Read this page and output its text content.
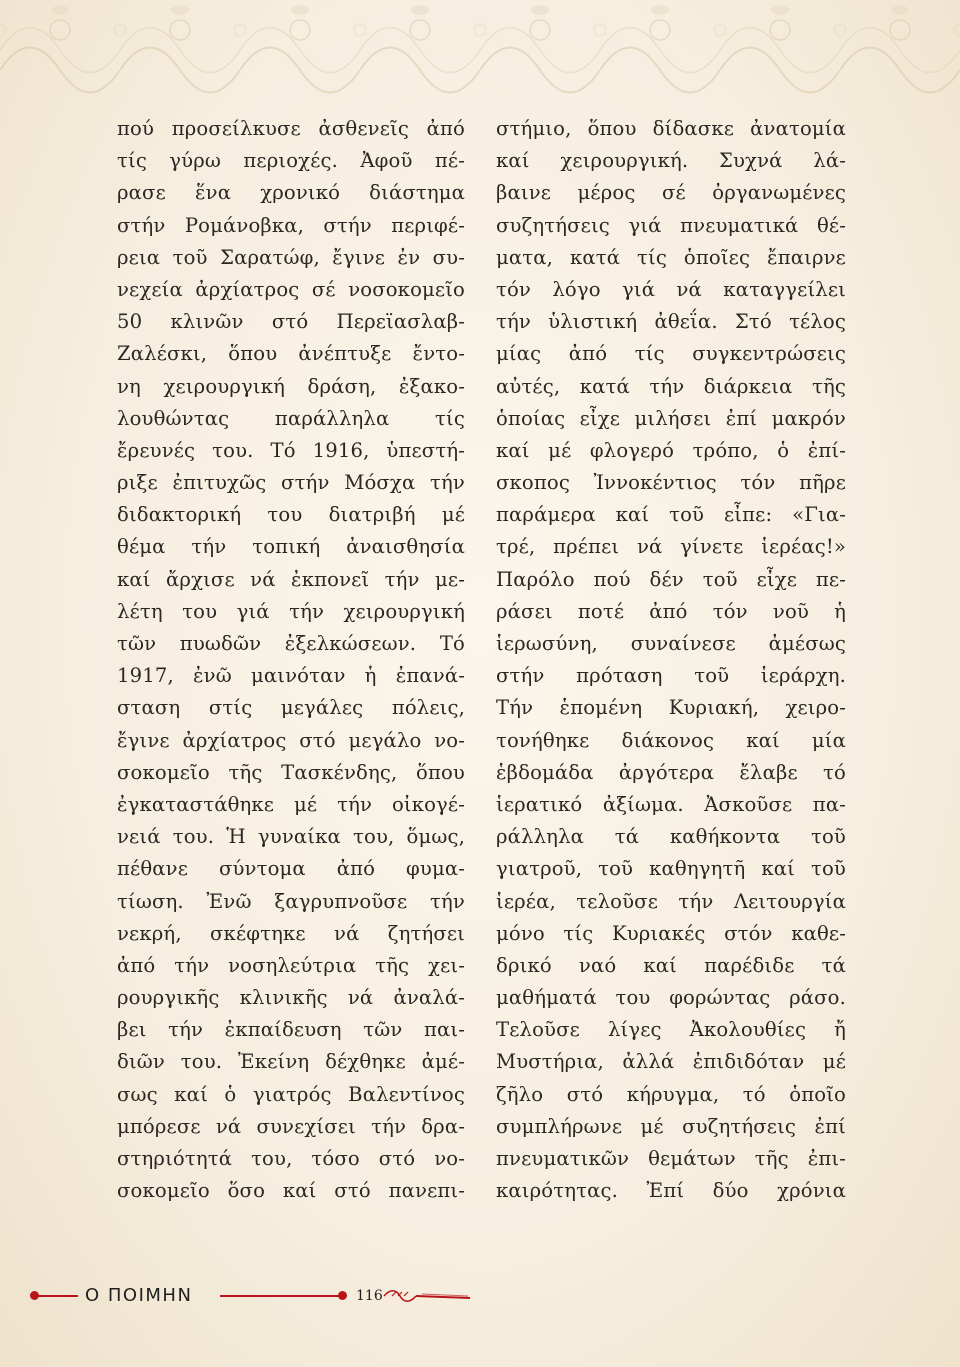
πού προσείλκυσε ἀσθενεῖς ἀπό
τίς γύρω περιοχές. Ἀφοῦ πέ-
ρασε ἕνα χρονικό διάστημα
στήν Ρομάνοβκα, στήν περιφέ-
ρεια τοῦ Σαρατώφ, ἔγινε ἐν συ-
νεχεία ἀρχίατρος σέ νοσοκομεῖο
50 κλινῶν στό Περεϊασλαβ-
Ζαλέσκι, ὅπου ἀνέπτυξε ἔντο-
νη χειρουργική δράση, ἐξακο-
λουθώντας παράλληλα τίς
ἔρευνές του. Τό 1916, ὑπεστή-
ριξε ἐπιτυχῶς στήν Μόσχα τήν
διδακτορική του διατριβή μέ
θέμα τήν τοπική ἀναισθησία
καί ἄρχισε νά ἐκπονεῖ τήν με-
λέτη του γιά τήν χειρουργική
τῶν πυωδῶν ἐξελκώσεων. Τό
1917, ἐνῶ μαινόταν ἡ ἐπανά-
σταση στίς μεγάλες πόλεις,
ἔγινε ἀρχίατρος στό μεγάλο νο-
σοκομεῖο τῆς Τασκένδης, ὅπου
ἐγκαταστάθηκε μέ τήν οἰκογέ-
νειά του. Ἡ γυναίκα του, ὅμως,
πέθανε σύντομα ἀπό φυμα-
τίωση. Ἐνῶ ξαγρυπνοῦσε τήν
νεκρή, σκέφτηκε νά ζητήσει
ἀπό τήν νοσηλεύτρια τῆς χει-
ρουργικῆς κλινικῆς νά ἀναλά-
βει τήν ἐκπαίδευση τῶν παι-
διῶν του. Ἐκείνη δέχθηκε ἀμέ-
σως καί ὁ γιατρός Βαλεντίνος
μπόρεσε νά συνεχίσει τήν δρα-
στηριότητά του, τόσο στό νο-
σοκομεῖο ὅσο καί στό πανεπι-
στήμιο, ὅπου δίδασκε ἀνατομία
καί χειρουργική. Συχνά λά-
βαινε μέρος σέ ὀργανωμένες
συζητήσεις γιά πνευματικά θέ-
ματα, κατά τίς ὁποῖες ἔπαιρνε
τόν λόγο γιά νά καταγγείλει
τήν ὑλιστική ἀθεΐα. Στό τέλος
μίας ἀπό τίς συγκεντρώσεις
αὐτές, κατά τήν διάρκεια τῆς
ὁποίας εἶχε μιλήσει ἐπί μακρόν
καί μέ φλογερό τρόπο, ὁ ἐπί-
σκοπος Ἰννοκέντιος τόν πῆρε
παράμερα καί τοῦ εἶπε: «Για-
τρέ, πρέπει νά γίνετε ἱερέας!»
Παρόλο πού δέν τοῦ εἶχε πε-
ράσει ποτέ ἀπό τόν νοῦ ἡ
ἱερωσύνη, συναίνεσε ἀμέσως
στήν πρόταση τοῦ ἱεράρχη.
Τήν ἑπομένη Κυριακή, χειρο-
τονήθηκε διάκονος καί μία
ἑβδομάδα ἀργότερα ἔλαβε τό
ἱερατικό ἀξίωμα. Ἀσκοῦσε πα-
ράλληλα τά καθήκοντα τοῦ
γιατροῦ, τοῦ καθηγητῆ καί τοῦ
ἱερέα, τελοῦσε τήν Λειτουργία
μόνο τίς Κυριακές στόν καθε-
δρικό ναό καί παρέδιδε τά
μαθήματά του φορώντας ράσο.
Τελοῦσε λίγες Ἀκολουθίες ἤ
Μυστήρια, ἀλλά ἐπιδιδόταν μέ
ζῆλο στό κήρυγμα, τό ὁποῖο
συμπλήρωνε μέ συζητήσεις ἐπί
πνευματικῶν θεμάτων τῆς ἐπι-
καιρότητας. Ἐπί δύο χρόνια
Ο ΠΟΙΜΗΝ	116
